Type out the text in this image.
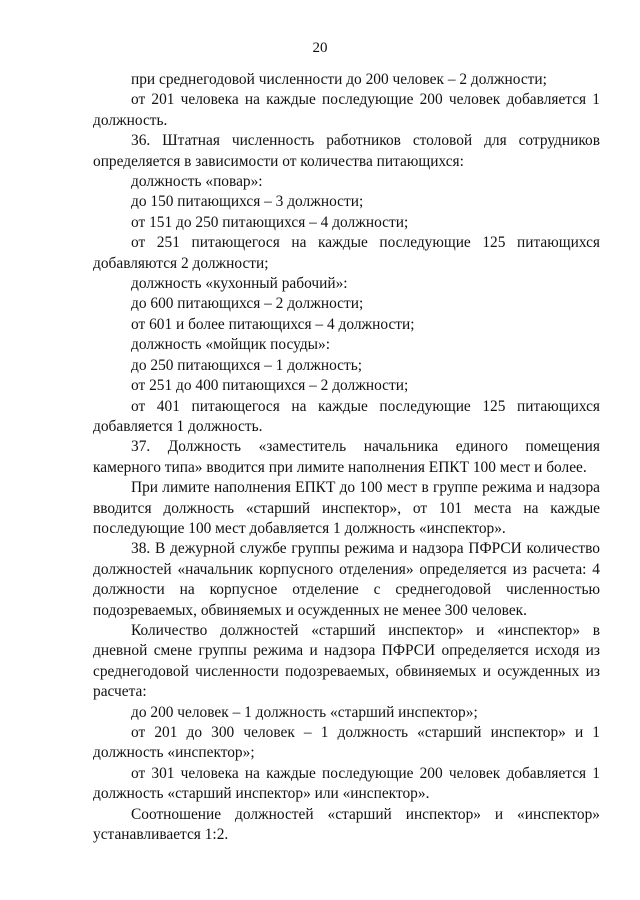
20

при среднегодовой численности до 200 человек – 2 должности;

от 201 человека на каждые последующие 200 человек добавляется 1 должность.

36. Штатная численность работников столовой для сотрудников определяется в зависимости от количества питающихся:

должность «повар»:

до 150 питающихся – 3 должности;

от 151 до 250 питающихся – 4 должности;

от 251 питающегося на каждые последующие 125 питающихся добавляются 2 должности;

должность «кухонный рабочий»:

до 600 питающихся – 2 должности;

от 601 и более питающихся – 4 должности;

должность «мойщик посуды»:

до 250 питающихся – 1 должность;

от 251 до 400 питающихся – 2 должности;

от 401 питающегося на каждые последующие 125 питающихся добавляется 1 должность.

37. Должность «заместитель начальника единого помещения камерного типа» вводится при лимите наполнения ЕПКТ 100 мест и более.

При лимите наполнения ЕПКТ до 100 мест в группе режима и надзора вводится должность «старший инспектор», от 101 места на каждые последующие 100 мест добавляется 1 должность «инспектор».

38. В дежурной службе группы режима и надзора ПФРСИ количество должностей «начальник корпусного отделения» определяется из расчета: 4 должности на корпусное отделение с среднегодовой численностью подозреваемых, обвиняемых и осужденных не менее 300 человек.

Количество должностей «старший инспектор» и «инспектор» в дневной смене группы режима и надзора ПФРСИ определяется исходя из среднегодовой численности подозреваемых, обвиняемых и осужденных из расчета:

до 200 человек – 1 должность «старший инспектор»;

от 201 до 300 человек – 1 должность «старший инспектор» и 1 должность «инспектор»;

от 301 человека на каждые последующие 200 человек добавляется 1 должность «старший инспектор» или «инспектор».

Соотношение должностей «старший инспектор» и «инспектор» устанавливается 1:2.
